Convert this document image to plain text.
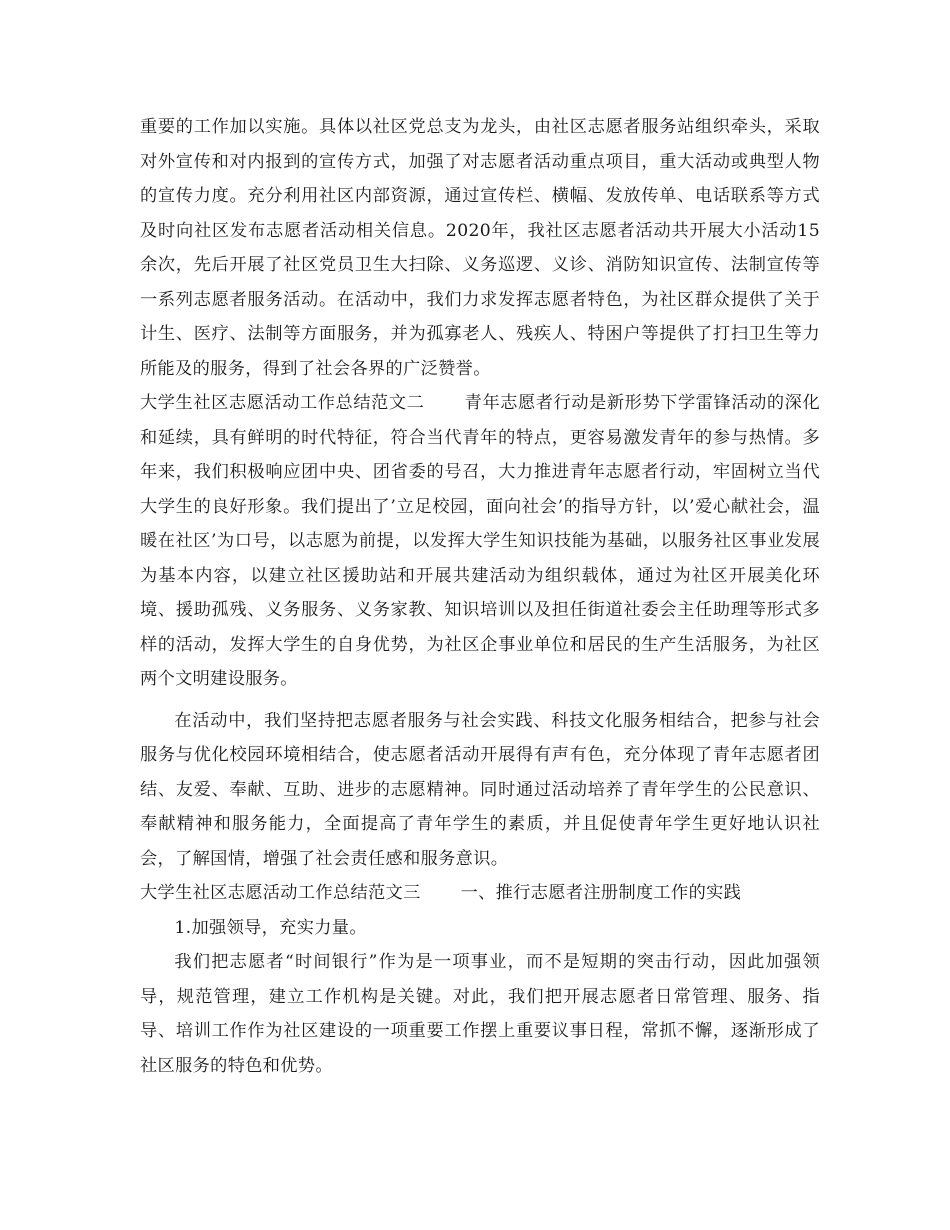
重要的工作加以实施。具体以社区党总支为龙头，由社区志愿者服务站组织牵头，采取对外宣传和对内报到的宣传方式，加强了对志愿者活动重点项目，重大活动或典型人物的宣传力度。充分利用社区内部资源，通过宣传栏、横幅、发放传单、电话联系等方式及时向社区发布志愿者活动相关信息。2020年，我社区志愿者活动共开展大小活动15余次，先后开展了社区党员卫生大扫除、义务巡逻、义诊、消防知识宣传、法制宣传等一系列志愿者服务活动。在活动中，我们力求发挥志愿者特色，为社区群众提供了关于计生、医疗、法制等方面服务，并为孤寡老人、残疾人、特困户等提供了打扫卫生等力所能及的服务，得到了社会各界的广泛赞誉。

大学生社区志愿活动工作总结范文二 青年志愿者行动是新形势下学雷锋活动的深化和延续，具有鲜明的时代特征，符合当代青年的特点，更容易激发青年的参与热情。多年来，我们积极响应团中央、团省委的号召，大力推进青年志愿者行动，牢固树立当代大学生的良好形象。我们提出了’立足校园，面向社会’的指导方针，以’爱心献社会，温暖在社区’为口号，以志愿为前提，以发挥大学生知识技能为基础，以服务社区事业发展为基本内容，以建立社区援助站和开展共建活动为组织载体，通过为社区开展美化环境、援助孤残、义务服务、义务家教、知识培训以及担任街道社委会主任助理等形式多样的活动，发挥大学生的自身优势，为社区企事业单位和居民的生产生活服务，为社区两个文明建设服务。

在活动中，我们坚持把志愿者服务与社会实践、科技文化服务相结合，把参与社会服务与优化校园环境相结合，使志愿者活动开展得有声有色，充分体现了青年志愿者团结、友爱、奉献、互助、进步的志愿精神。同时通过活动培养了青年学生的公民意识、奉献精神和服务能力，全面提高了青年学生的素质，并且促使青年学生更好地认识社会，了解国情，增强了社会责任感和服务意识。

大学生社区志愿活动工作总结范文三 一、推行志愿者注册制度工作的实践

1.加强领导，充实力量。

我们把志愿者“时间银行”作为是一项事业，而不是短期的突击行动，因此加强领导，规范管理，建立工作机构是关键。对此，我们把开展志愿者日常管理、服务、指导、培训工作作为社区建设的一项重要工作摆上重要议事日程，常抓不懈，逐渐形成了社区服务的特色和优势。
